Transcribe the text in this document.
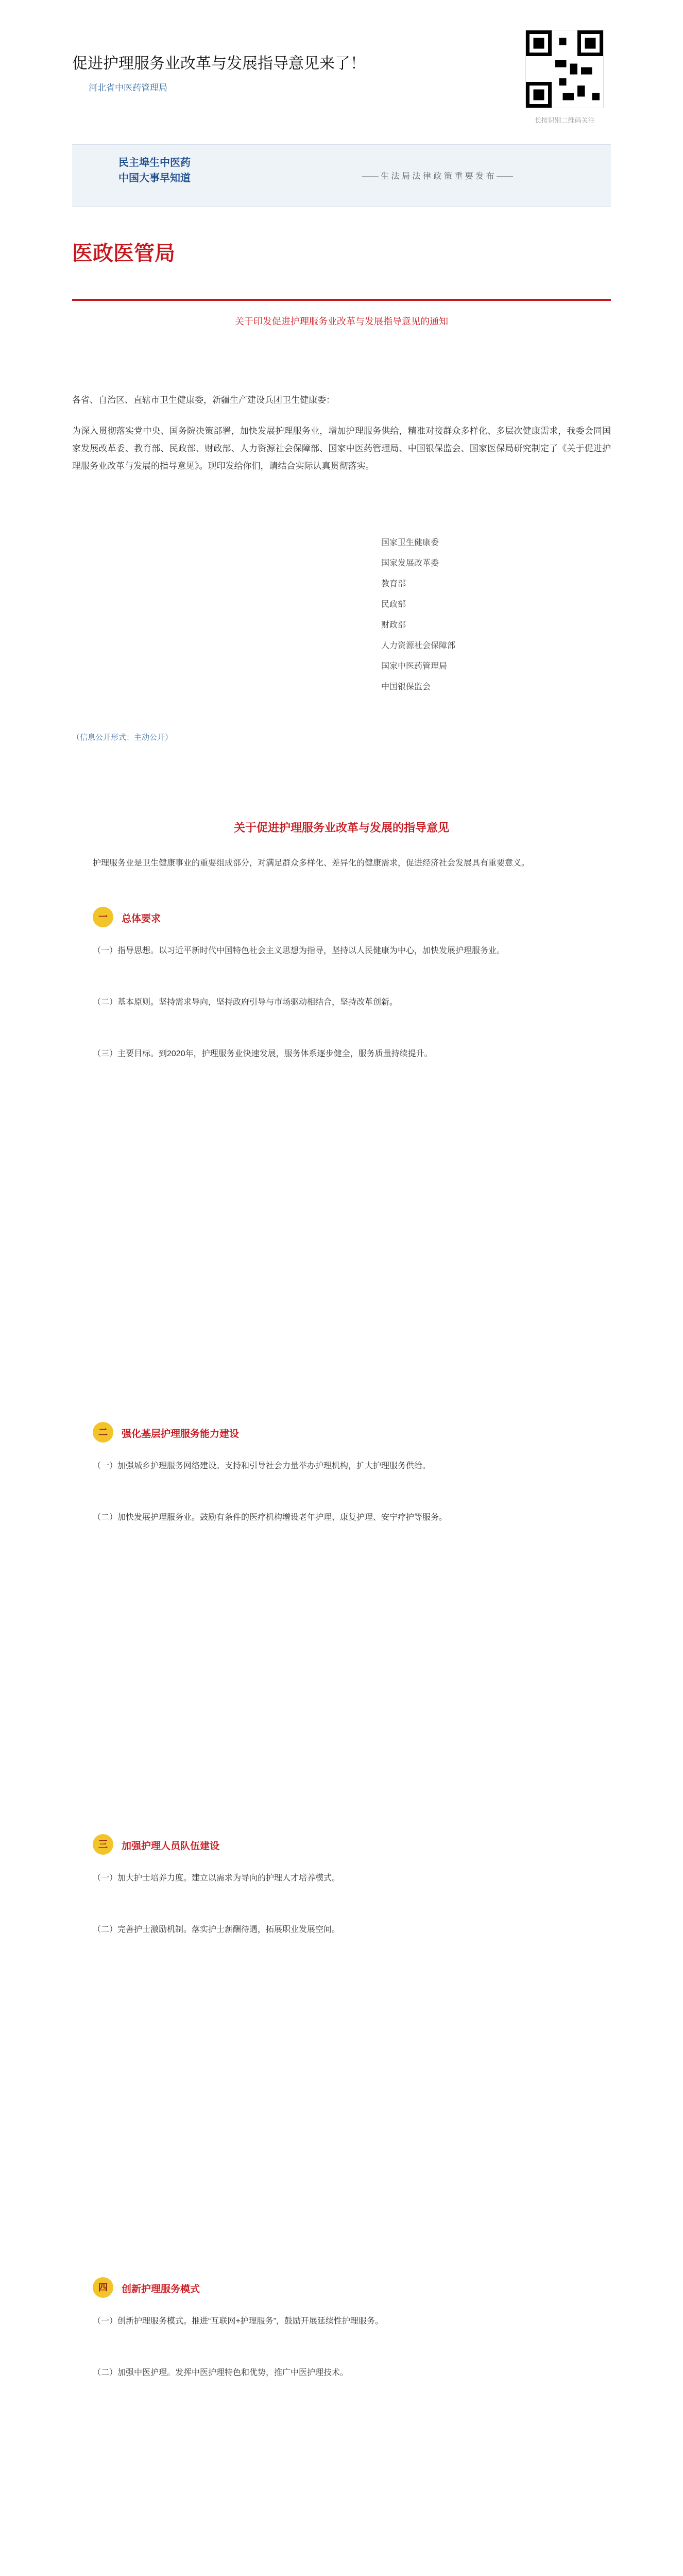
促进护理服务业改革与发展指导意见来了！
河北省中医药管理局
长按识别二维码关注
民主埠生中医药
中国大事早知道	—— 生 法 局 法 律 政 策 重 要 发 布 ——
医政医管局
关于印发促进护理服务业改革与发展指导意见的通知
各省、自治区、直辖市卫生健康委，新疆生产建设兵团卫生健康委：
为深入贯彻落实党中央、国务院决策部署，加快发展护理服务业，增加护理服务供给，精准对接群众多样化、多层次健康需求，我委会同国家发展改革委、教育部、民政部、财政部、人力资源社会保障部、国家中医药管理局、中国银保监会、国家医保局研究制定了《关于促进护理服务业改革与发展的指导意见》。现印发给你们，请结合实际认真贯彻落实。
国家卫生健康委
国家发展改革委
教育部
民政部
财政部
人力资源社会保障部
国家中医药管理局
中国银保监会
（信息公开形式：主动公开）
关于促进护理服务业改革与发展的指导意见
护理服务业是卫生健康事业的重要组成部分，对满足群众多样化、差异化的健康需求，促进经济社会发展具有重要意义。
一	总体要求
（一）指导思想。以习近平新时代中国特色社会主义思想为指导，坚持以人民健康为中心，加快发展护理服务业。
（二）基本原则。坚持需求导向，坚持政府引导与市场驱动相结合，坚持改革创新。
（三）主要目标。到2020年，护理服务业快速发展，服务体系逐步健全，服务质量持续提升。
二	强化基层护理服务能力建设
（一）加强城乡护理服务网络建设。支持和引导社会力量举办护理机构，扩大护理服务供给。
（二）加快发展护理服务业。鼓励有条件的医疗机构增设老年护理、康复护理、安宁疗护等服务。
三	加强护理人员队伍建设
（一）加大护士培养力度。建立以需求为导向的护理人才培养模式。
（二）完善护士激励机制。落实护士薪酬待遇，拓展职业发展空间。
四	创新护理服务模式
（一）创新护理服务模式。推进“互联网+护理服务”，鼓励开展延续性护理服务。
（二）加强中医护理。发挥中医护理特色和优势，推广中医护理技术。
